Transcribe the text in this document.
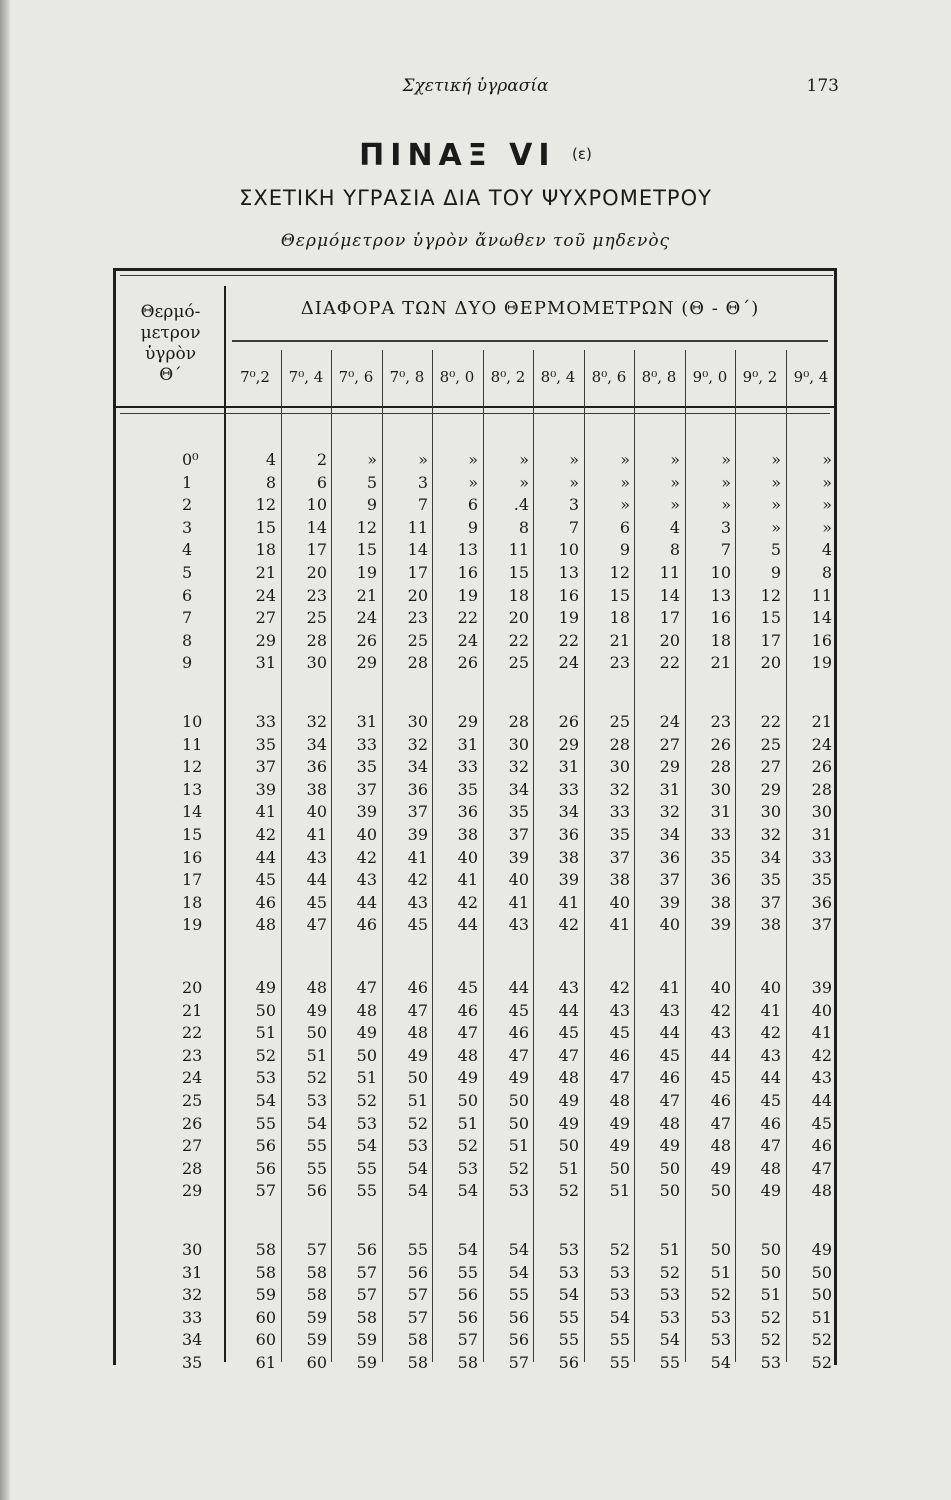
Σχετική ὑγρασία	173
ΠΙΝΑΞ VI $^{(\varepsilon)}$
ΣΧΕΤΙΚΗ ΥΓΡΑΣΙΑ ΔΙΑ ΤΟΥ ΨΥΧΡΟΜΕΤΡΟΥ
Θερμόμετρον ὑγρὸν ἄνωθεν τοῦ μηδενὸς
Θερμό-
μετρον
ὑγρὸν
Θ´
ΔΙΑΦΟΡΑ ΤΩΝ ΔΥΟ ΘΕΡΜΟΜΕΤΡΩΝ (Θ - Θ΄)
7⁰,2	7⁰, 4	7⁰, 6	7⁰, 8	8⁰, 0	8⁰, 2	8⁰, 4	8⁰, 6	8⁰, 8	9⁰, 0	9⁰, 2	9⁰, 4
0⁰	4	2	»	»	»	»	»	»	»	»	»	»
1	8	6	5	3	»	»	»	»	»	»	»	»
2	12	10	9	7	6	.4	3	»	»	»	»	»
3	15	14	12	11	9	8	7	6	4	3	»	»
4	18	17	15	14	13	11	10	9	8	7	5	4
5	21	20	19	17	16	15	13	12	11	10	9	8
6	24	23	21	20	19	18	16	15	14	13	12	11
7	27	25	24	23	22	20	19	18	17	16	15	14
8	29	28	26	25	24	22	22	21	20	18	17	16
9	31	30	29	28	26	25	24	23	22	21	20	19
10	33	32	31	30	29	28	26	25	24	23	22	21
11	35	34	33	32	31	30	29	28	27	26	25	24
12	37	36	35	34	33	32	31	30	29	28	27	26
13	39	38	37	36	35	34	33	32	31	30	29	28
14	41	40	39	37	36	35	34	33	32	31	30	30
15	42	41	40	39	38	37	36	35	34	33	32	31
16	44	43	42	41	40	39	38	37	36	35	34	33
17	45	44	43	42	41	40	39	38	37	36	35	35
18	46	45	44	43	42	41	41	40	39	38	37	36
19	48	47	46	45	44	43	42	41	40	39	38	37
20	49	48	47	46	45	44	43	42	41	40	40	39
21	50	49	48	47	46	45	44	43	43	42	41	40
22	51	50	49	48	47	46	45	45	44	43	42	41
23	52	51	50	49	48	47	47	46	45	44	43	42
24	53	52	51	50	49	49	48	47	46	45	44	43
25	54	53	52	51	50	50	49	48	47	46	45	44
26	55	54	53	52	51	50	49	49	48	47	46	45
27	56	55	54	53	52	51	50	49	49	48	47	46
28	56	55	55	54	53	52	51	50	50	49	48	47
29	57	56	55	54	54	53	52	51	50	50	49	48
30	58	57	56	55	54	54	53	52	51	50	50	49
31	58	58	57	56	55	54	53	53	52	51	50	50
32	59	58	57	57	56	55	54	53	53	52	51	50
33	60	59	58	57	56	56	55	54	53	53	52	51
34	60	59	59	58	57	56	55	55	54	53	52	52
35	61	60	59	58	58	57	56	55	55	54	53	52
